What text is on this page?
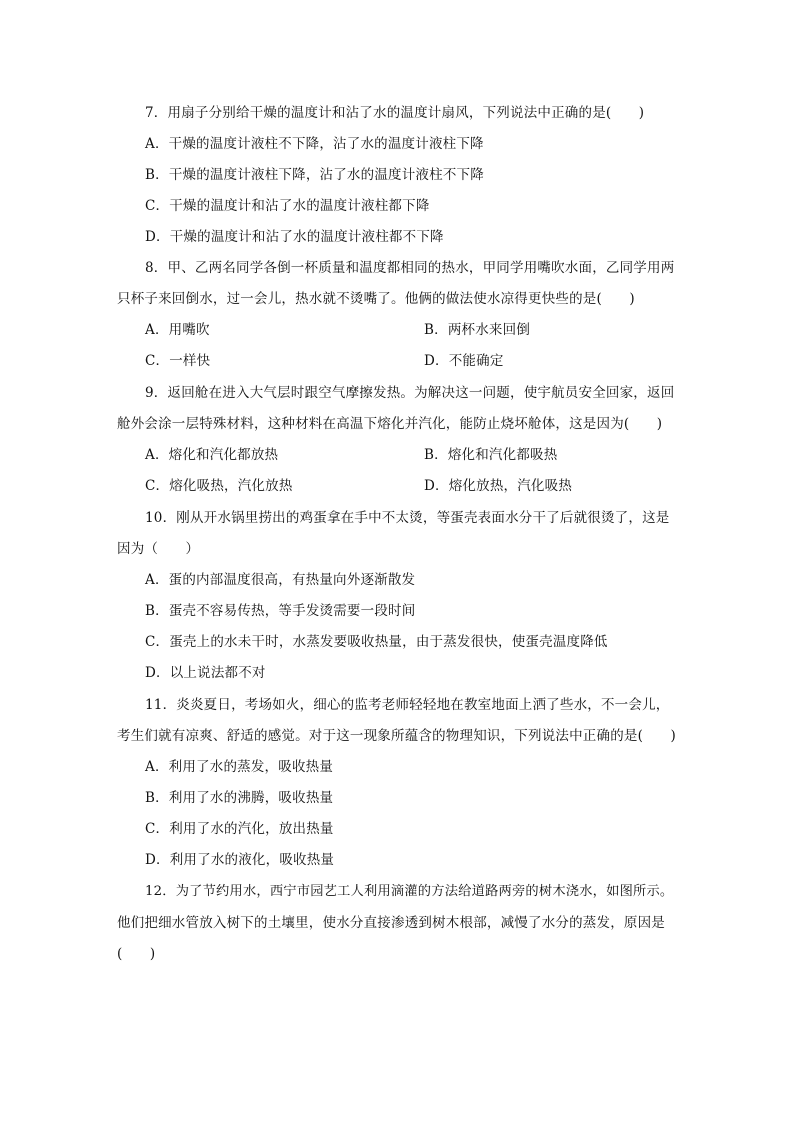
7．用扇子分别给干燥的温度计和沾了水的温度计扇风，下列说法中正确的是(　　)
A．干燥的温度计液柱不下降，沾了水的温度计液柱下降
B．干燥的温度计液柱下降，沾了水的温度计液柱不下降
C．干燥的温度计和沾了水的温度计液柱都下降
D．干燥的温度计和沾了水的温度计液柱都不下降
8．甲、乙两名同学各倒一杯质量和温度都相同的热水，甲同学用嘴吹水面，乙同学用两
只杯子来回倒水，过一会儿，热水就不烫嘴了。他俩的做法使水凉得更快些的是(　　)
A．用嘴吹	B．两杯水来回倒
C．一样快	D．不能确定
9．返回舱在进入大气层时跟空气摩擦发热。为解决这一问题，使宇航员安全回家，返回
舱外会涂一层特殊材料，这种材料在高温下熔化并汽化，能防止烧坏舱体，这是因为(　　)
A．熔化和汽化都放热	B．熔化和汽化都吸热
C．熔化吸热，汽化放热	D．熔化放热，汽化吸热
10．刚从开水锅里捞出的鸡蛋拿在手中不太烫，等蛋壳表面水分干了后就很烫了，这是
因为（　　）
A．蛋的内部温度很高，有热量向外逐渐散发
B．蛋壳不容易传热，等手发烫需要一段时间
C．蛋壳上的水未干时，水蒸发要吸收热量，由于蒸发很快，使蛋壳温度降低
D．以上说法都不对
11．炎炎夏日，考场如火，细心的监考老师轻轻地在教室地面上洒了些水，不一会儿，
考生们就有凉爽、舒适的感觉。对于这一现象所蕴含的物理知识，下列说法中正确的是(　　)
A．利用了水的蒸发，吸收热量
B．利用了水的沸腾，吸收热量
C．利用了水的汽化，放出热量
D．利用了水的液化，吸收热量
12．为了节约用水，西宁市园艺工人利用滴灌的方法给道路两旁的树木浇水，如图所示。
他们把细水管放入树下的土壤里，使水分直接渗透到树木根部，减慢了水分的蒸发，原因是
(　　)
